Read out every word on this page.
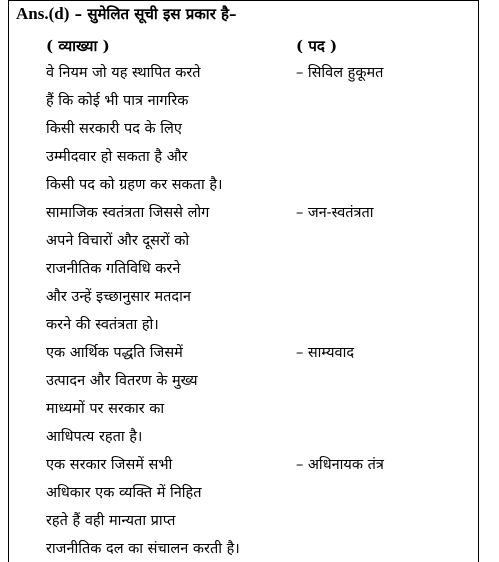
Ans.(d) – सुमेलित सूची इस प्रकार है–
( व्याख्या )	( पद )
वे नियम जो यह स्थापित करते
हैं कि कोई भी पात्र नागरिक
किसी सरकारी पद के लिए
उम्मीदवार हो सकता है और
किसी पद को ग्रहण कर सकता है।
– सिविल हुकूमत
सामाजिक स्वतंत्रता जिससे लोग
अपने विचारों और दूसरों को
राजनीतिक गतिविधि करने
और उन्हें इच्छानुसार मतदान
करने की स्वतंत्रता हो।
– जन-स्वतंत्रता
एक आर्थिक पद्धति जिसमें
उत्पादन और वितरण के मुख्य
माध्यमों पर सरकार का
आधिपत्य रहता है।
– साम्यवाद
एक सरकार जिसमें सभी
अधिकार एक व्यक्ति में निहित
रहते हैं वही मान्यता प्राप्त
राजनीतिक दल का संचालन करती है।
– अधिनायक तंत्र
